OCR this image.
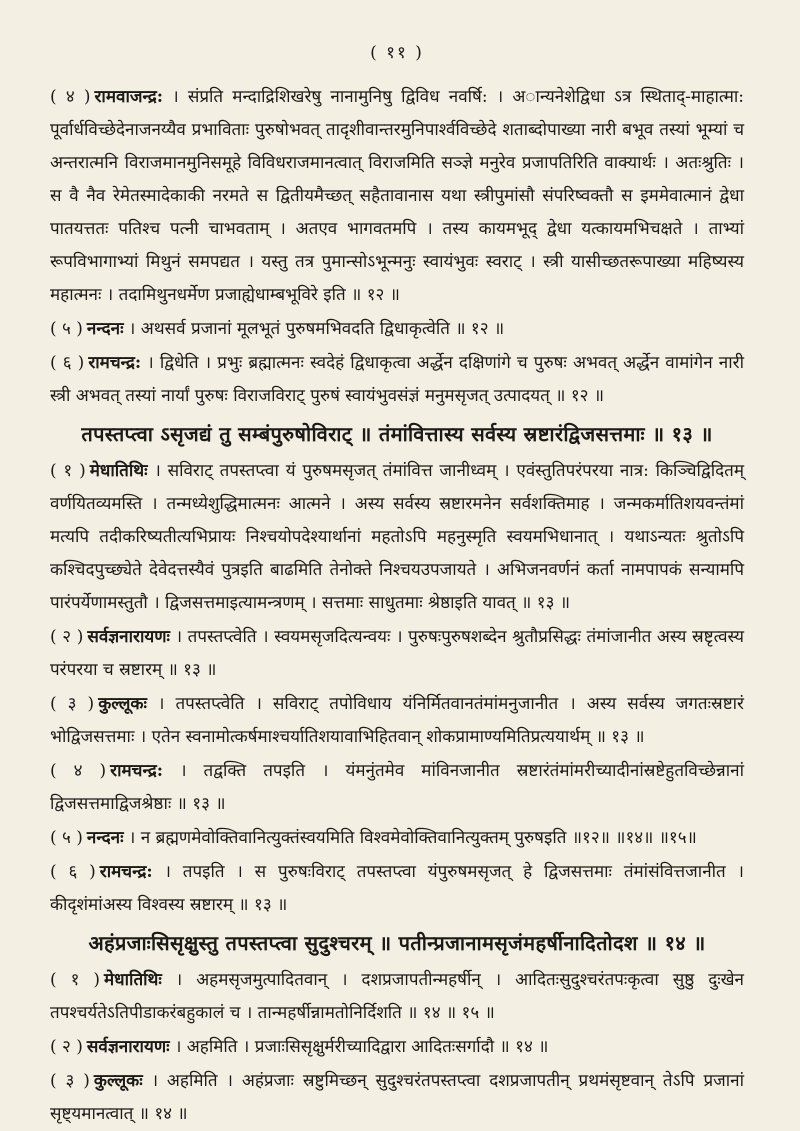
( ११ )

( ४ ) रामवाजन्द्र: । संप्रति मन्दाद्रिशिखरेषु नानामुनिषु द्विविध नवर्षि: । अान्यनेशेद्विधा ऽत्र स्थिताद्-माहात्मा: पूर्वार्धविच्छेदेनाजनय्यैव प्रभाविताः पुरुषोभवत् तादृशीवान्तरमुनिपार्श्वविच्छेदे शताब्दोपाख्या नारी बभूव तस्यां भूम्यां च अन्तरात्मनि विराजमानमुनिसमूहे विविधराजमानत्वात् विराजमिति सञ्ज्ञे मनुरेव प्रजापतिरिति वाक्यार्थः । अतःश्रुतिः । स वै नैव रेमेतस्मादेकाकी नरमते स द्वितीयमैच्छत् सहैतावानास यथा स्त्रीपुमांसौ संपरिष्वक्तौ स इममेवात्मानं द्वेधा पातयत्ततः पतिश्च पत्नी चाभवताम् । अतएव भागवतमपि । तस्य कायमभूद् द्वेधा यत्कायमभिचक्षते । ताभ्यां रूपविभागाभ्यां मिथुनं समपद्यत । यस्तु तत्र पुमान्सोऽभून्मनुः स्वायंभुवः स्वराट् । स्त्री यासीच्छतरूपाख्या महिष्यस्य महात्मनः । तदामिथुनधर्मेण प्रजाह्येधाम्बभूविरे इति ॥ १२ ॥

( ५ ) नन्दनः । अथसर्व प्रजानां मूलभूतं पुरुषमभिवदति द्विधाकृत्वेति ॥ १२ ॥

( ६ ) रामचन्द्र: । द्विधेति । प्रभुः ब्रह्मात्मनः स्वदेहं द्विधाकृत्वा अर्द्धेन दक्षिणांगे च पुरुषः अभवत् अर्द्धेन वामांगेन नारी स्त्री अभवत् तस्यां नार्यां पुरुषः विराजविराट् पुरुषं स्वायंभुवसंज्ञं मनुमसृजत् उत्पादयत् ॥ १२ ॥

तपस्तप्त्वा ऽसृजद्यं तु सम्बंपुरुषोविराट् ॥ तंमांवित्तास्य सर्वस्य स्रष्टारंद्विजसत्तमाः ॥ १३ ॥

( १ ) मेधातिथिः । सविराट् तपस्तप्त्वा यं पुरुषमसृजत् तंमांवित्त जानीध्वम् । एवंस्तुतिपरंपरया नात्र: किञ्चिद्विदितम् वर्णयितव्यमस्ति । तन्मध्येशुद्धिमात्मनः आत्मने । अस्य सर्वस्य स्रष्टारमनेन सर्वशक्तिमाह । जन्मकर्मातिशयवन्तंमां मत्यपि तदीकरिष्यतीत्यभिप्रायः निश्चयोपदेश्यार्थानां महतोऽपि महनुस्मृति स्वयमभिधानात् । यथाऽन्यतः श्रुतोऽपि कश्चिदपुच्छ्येते देवेदत्तस्यैवं पुत्रइति बाढमिति तेनोक्ते निश्चयउपजायते । अभिजनवर्णनं कर्ता नामपापकं सन्यामपि पारंपर्येणामस्तुतौ । द्विजसत्तमाइत्यामन्त्रणम् । सत्तमाः साधुतमाः श्रेष्ठाइति यावत् ॥ १३ ॥

( २ ) सर्वज्ञनारायणः । तपस्तप्त्वेति । स्वयमसृजदित्यन्वयः । पुरुषःपुरुषशब्देन श्रुतौप्रसिद्धः तंमांजानीत अस्य स्रष्टृत्वस्य परंपरया च स्रष्टारम् ॥ १३ ॥

( ३ ) कुल्लूकः । तपस्तप्त्वेति । सविराट् तपोविधाय यंनिर्मितवानतंमांमनुजानीत । अस्य सर्वस्य जगतःस्रष्टारं भोद्विजसत्तमाः । एतेन स्वनामोत्कर्षमाश्चर्यातिशयावाभिहितवान् शोकप्रामाण्यमितिप्रत्ययार्थम् ॥ १३ ॥

( ४ ) रामचन्द्र: । तद्वक्ति तपइति । यंमनुंतमेव मांविनजानीत स्रष्टारंतंमांमरीच्यादीनांस्रष्टेहुतविच्छेन्नानां द्विजसत्तमाद्विजश्रेष्ठाः ॥ १३ ॥

( ५ ) नन्दनः । न ब्रह्मणमेवोक्तिवानित्युक्तंस्वयमिति विश्वमेवोक्तिवानित्युक्तम् पुरुषइति ॥१२॥ ॥१४॥ ॥१५॥

( ६ ) रामचन्द्र: । तपइति । स पुरुषःविराट् तपस्तप्त्वा यंपुरुषमसृजत् हे द्विजसत्तमाः तंमांसंवित्तजानीत । कीदृशंमांअस्य विश्वस्य स्रष्टारम् ॥ १३ ॥

अहंप्रजाःसिसृक्षुस्तु तपस्तप्त्वा सुदुश्चरम् ॥ पतीन्प्रजानामसृजंमहर्षीनादितोदश ॥ १४ ॥

( १ ) मेधातिथिः । अहमसृजमुत्पादितवान् । दशप्रजापतीन्महर्षीन् । आदितःसुदुश्चरंतपःकृत्वा सुष्ठु दुःखेन तपश्चर्यतेऽतिपीडाकरंबहुकालं च । तान्महर्षीन्नामतोनिर्दिशति ॥ १४ ॥ १५ ॥

( २ ) सर्वज्ञनारायणः । अहमिति । प्रजाःसिसृक्षुर्मरीच्यादिद्वारा आदितःसर्गादौ ॥ १४ ॥

( ३ ) कुल्लूकः । अहमिति । अहंप्रजाः स्रष्टुमिच्छन् सुदुश्चरंतपस्तप्त्वा दशप्रजापतीन् प्रथमंसृष्टवान् तेऽपि प्रजानां सृष्ट्यमानत्वात् ॥ १४ ॥
